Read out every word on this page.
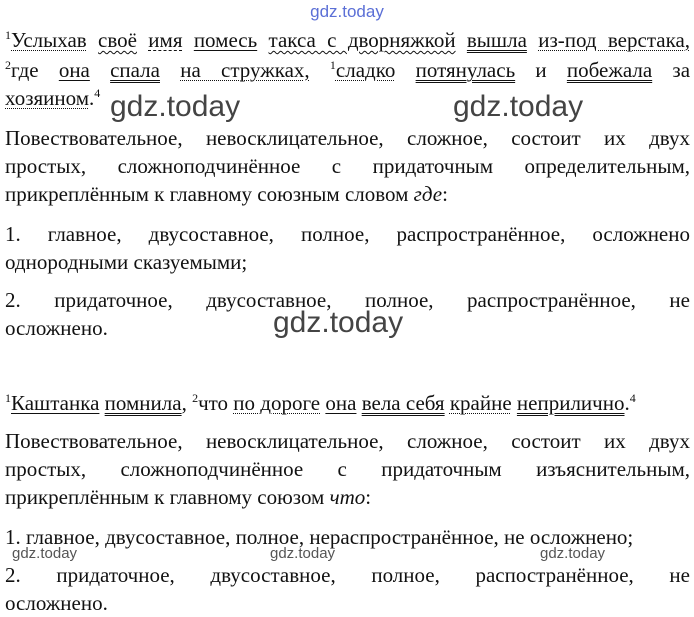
gdz.today
$^1$Услыхав своё имя помесь такса с дворняжкой вышла из-под верстака,
$^2$где она спала на стружках, $^1$сладко потянулась и побежала за
хозяином.$^4$ gdz.today	gdz.today
Повествовательное, невосклицательное, сложное, состоит их двух
простых, сложноподчинённое с придаточным определительным,
прикреплённым к главному союзным словом где:
1. главное, двусоставное, полное, распространённое, осложнено
однородными сказуемыми;
2. придаточное, двусоставное, полное, распространённое, не
осложнено.	gdz.today
$^1$Каштанка помнила, $^2$что по дороге она вела себя крайне неприлично.$^4$
Повествовательное, невосклицательное, сложное, состоит их двух
простых, сложноподчинённое с придаточным изъяснительным,
прикреплённым к главному союзом что:
1. главное, двусоставное, полное, нераспространённое, не осложнено;
2. придаточное, двусоставное, полное, распостранённое, не
осложнено.
gdz.today	gdz.today	gdz.today
